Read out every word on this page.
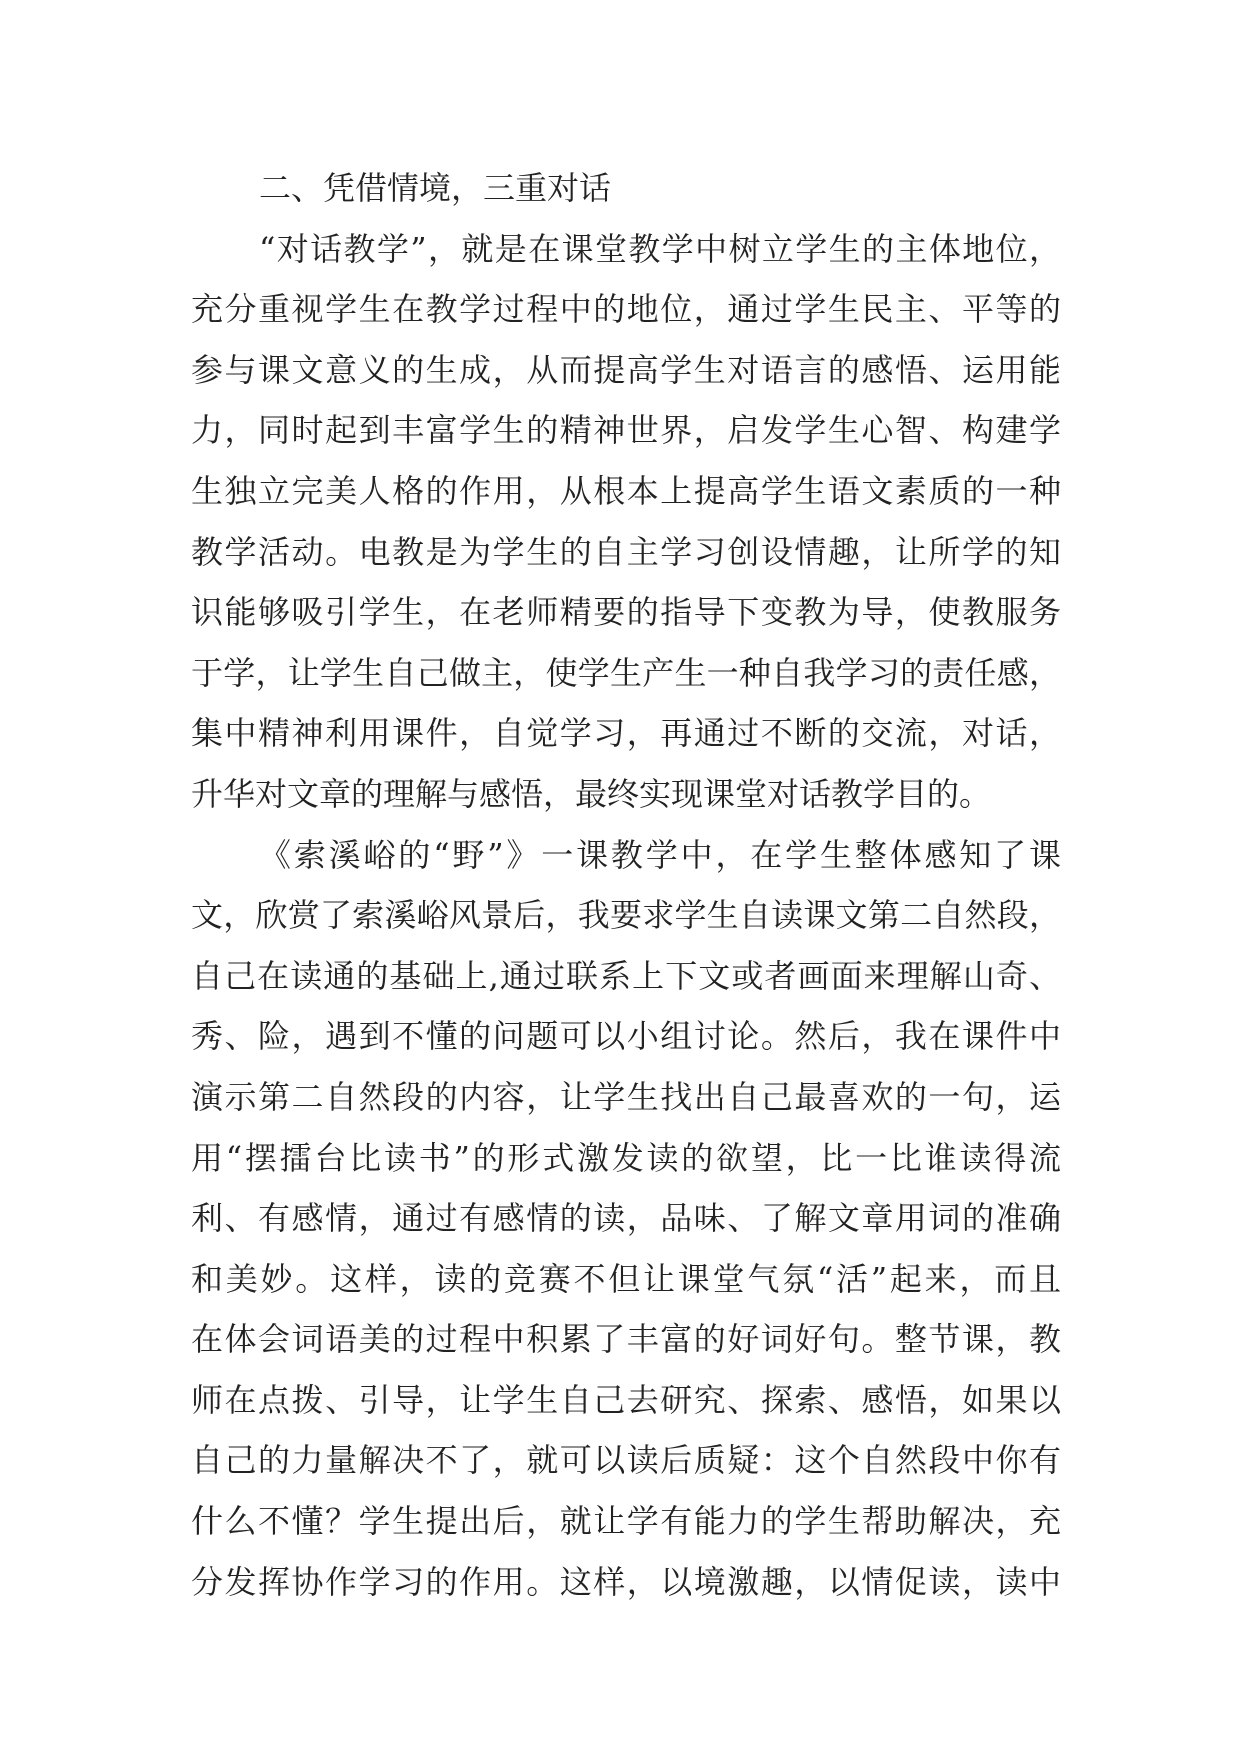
二、凭借情境，三重对话
“对话教学”，就是在课堂教学中树立学生的主体地位，
充分重视学生在教学过程中的地位，通过学生民主、平等的
参与课文意义的生成，从而提高学生对语言的感悟、运用能
力，同时起到丰富学生的精神世界，启发学生心智、构建学
生独立完美人格的作用，从根本上提高学生语文素质的一种
教学活动。电教是为学生的自主学习创设情趣，让所学的知
识能够吸引学生，在老师精要的指导下变教为导，使教服务
于学，让学生自己做主，使学生产生一种自我学习的责任感，
集中精神利用课件，自觉学习，再通过不断的交流，对话，
升华对文章的理解与感悟，最终实现课堂对话教学目的。
《索溪峪的“野”》一课教学中，在学生整体感知了课
文，欣赏了索溪峪风景后，我要求学生自读课文第二自然段，
自己在读通的基础上,通过联系上下文或者画面来理解山奇、
秀、险，遇到不懂的问题可以小组讨论。然后，我在课件中
演示第二自然段的内容，让学生找出自己最喜欢的一句，运
用“摆擂台比读书”的形式激发读的欲望，比一比谁读得流
利、有感情，通过有感情的读，品味、了解文章用词的准确
和美妙。这样，读的竞赛不但让课堂气氛“活”起来，而且
在体会词语美的过程中积累了丰富的好词好句。整节课，教
师在点拨、引导，让学生自己去研究、探索、感悟，如果以
自己的力量解决不了，就可以读后质疑：这个自然段中你有
什么不懂？学生提出后，就让学有能力的学生帮助解决，充
分发挥协作学习的作用。这样，以境激趣，以情促读，读中
